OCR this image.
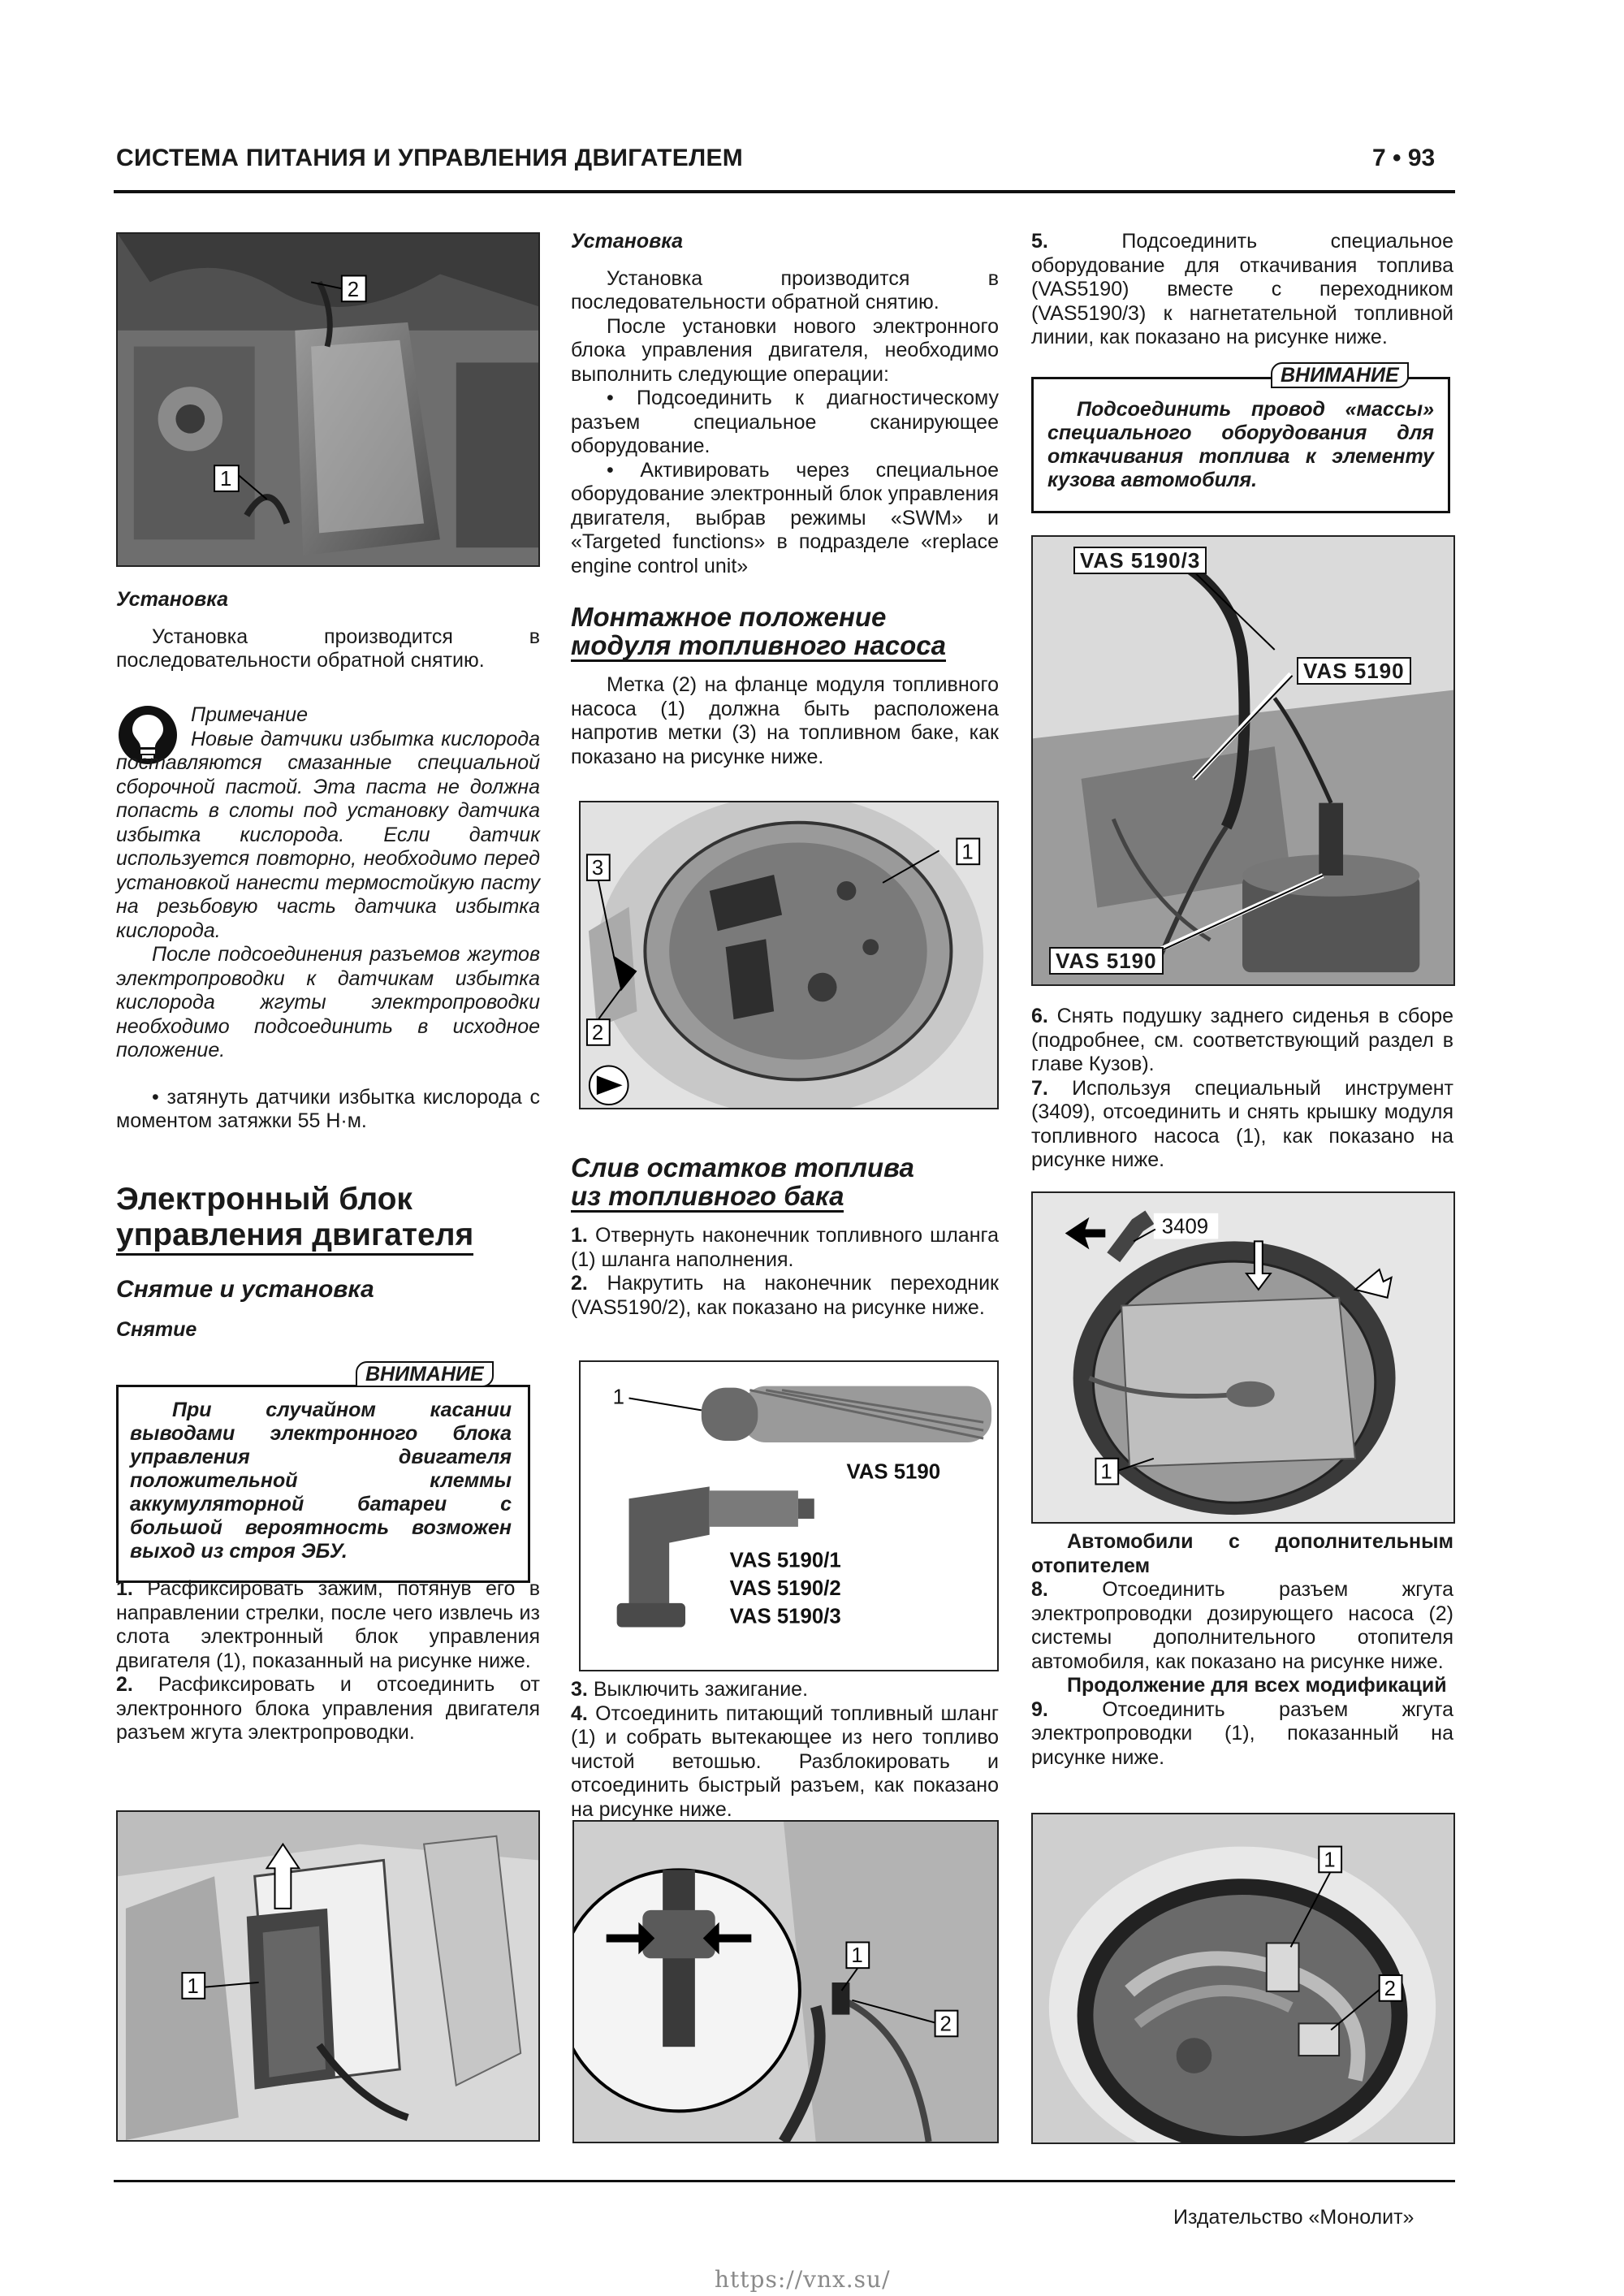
СИСТЕМА ПИТАНИЯ И УПРАВЛЕНИЯ ДВИГАТЕЛЕМ	7 • 93
2
1

Установка

Установка производится в последовательности обратной снятию.

Примечание

Новые датчики избытка кислорода поставляются смазанные специальной сборочной пастой. Эта паста не должна попасть в слоты под установку датчика избытка кислорода. Если датчик используется повторно, необходимо перед установкой нанести термостойкую пасту на резьбовую часть датчика избытка кислорода.

После подсоединения разъемов жгутов электропроводки к датчикам избытка кислорода жгуты электропроводки необходимо подсоединить в исходное положение.

• затянуть датчики избытка кислорода с моментом затяжки 55 Н·м.

Электронный блок

управления двигателя

Снятие и установка

Снятие

ВНИМАНИЕ
При случайном касании выводами электронного блока управления двигателя положительной клеммы аккумуляторной батареи с большой вероятность возможен выход из строя ЭБУ.

1. Расфиксировать зажим, потянув его в направлении стрелки, после чего извлечь из слота электронный блок управления двигателя (1), показанный на рисунке ниже.

2. Расфиксировать и отсоединить от электронного блока управления двигателя разъем жгута электропроводки.

1

Установка

Установка производится в последовательности обратной снятию.

После установки нового электронного блока управления двигателя, необходимо выполнить следующие операции:

• Подсоединить к диагностическому разъем специальное сканирующее оборудование.

• Активировать через специальное оборудование электронный блок управления двигателя, выбрав режимы «SWM» и «Targeted functions» в подразделе «replace engine control unit»

Монтажное положение

модуля топливного насоса

Метка (2) на фланце модуля топливного насоса (1) должна быть расположена напротив метки (3) на топливном баке, как показано на рисунке ниже.

1
3
2

Слив остатков топлива

из топливного бака

1. Отвернуть наконечник топливного шланга (1) шланга наполнения.

2. Накрутить на наконечник переходник (VAS5190/2), как показано на рисунке ниже.

1
VAS 5190
VAS 5190/1
VAS 5190/2
VAS 5190/3

3. Выключить зажигание.

4. Отсоединить питающий топливный шланг (1) и собрать вытекающее из него топливо чистой ветошью. Разблокировать и отсоединить быстрый разъем, как показано на рисунке ниже.

1
2

5.	Подсоединить специальное оборудование для откачивания топлива (VAS5190) вместе с переходником (VAS5190/3) к нагнетательной топливной линии, как показано на рисунке ниже.

ВНИМАНИЕ
Подсоединить провод «массы» специального оборудования для откачивания топлива к элементу кузова автомобиля.
VAS 5190/3
VAS 5190
VAS 5190

6. Снять подушку заднего сиденья в сборе (подробнее, см. соответствующий раздел в главе Кузов).

7. Используя специальный инструмент (3409), отсоединить и снять крышку модуля топливного насоса (1), как показано на рисунке ниже.

3409
1

Автомобили с дополнительным отопителем

8.	Отсоединить разъем жгута электропроводки дозирующего насоса (2) системы дополнительного отопителя автомобиля, как показано на рисунке ниже.

Продолжение для всех модификаций

9.	Отсоединить разъем жгута электропроводки (1), показанный на рисунке ниже.

1
2
Издательство «Монолит»
https://vnx.su/
